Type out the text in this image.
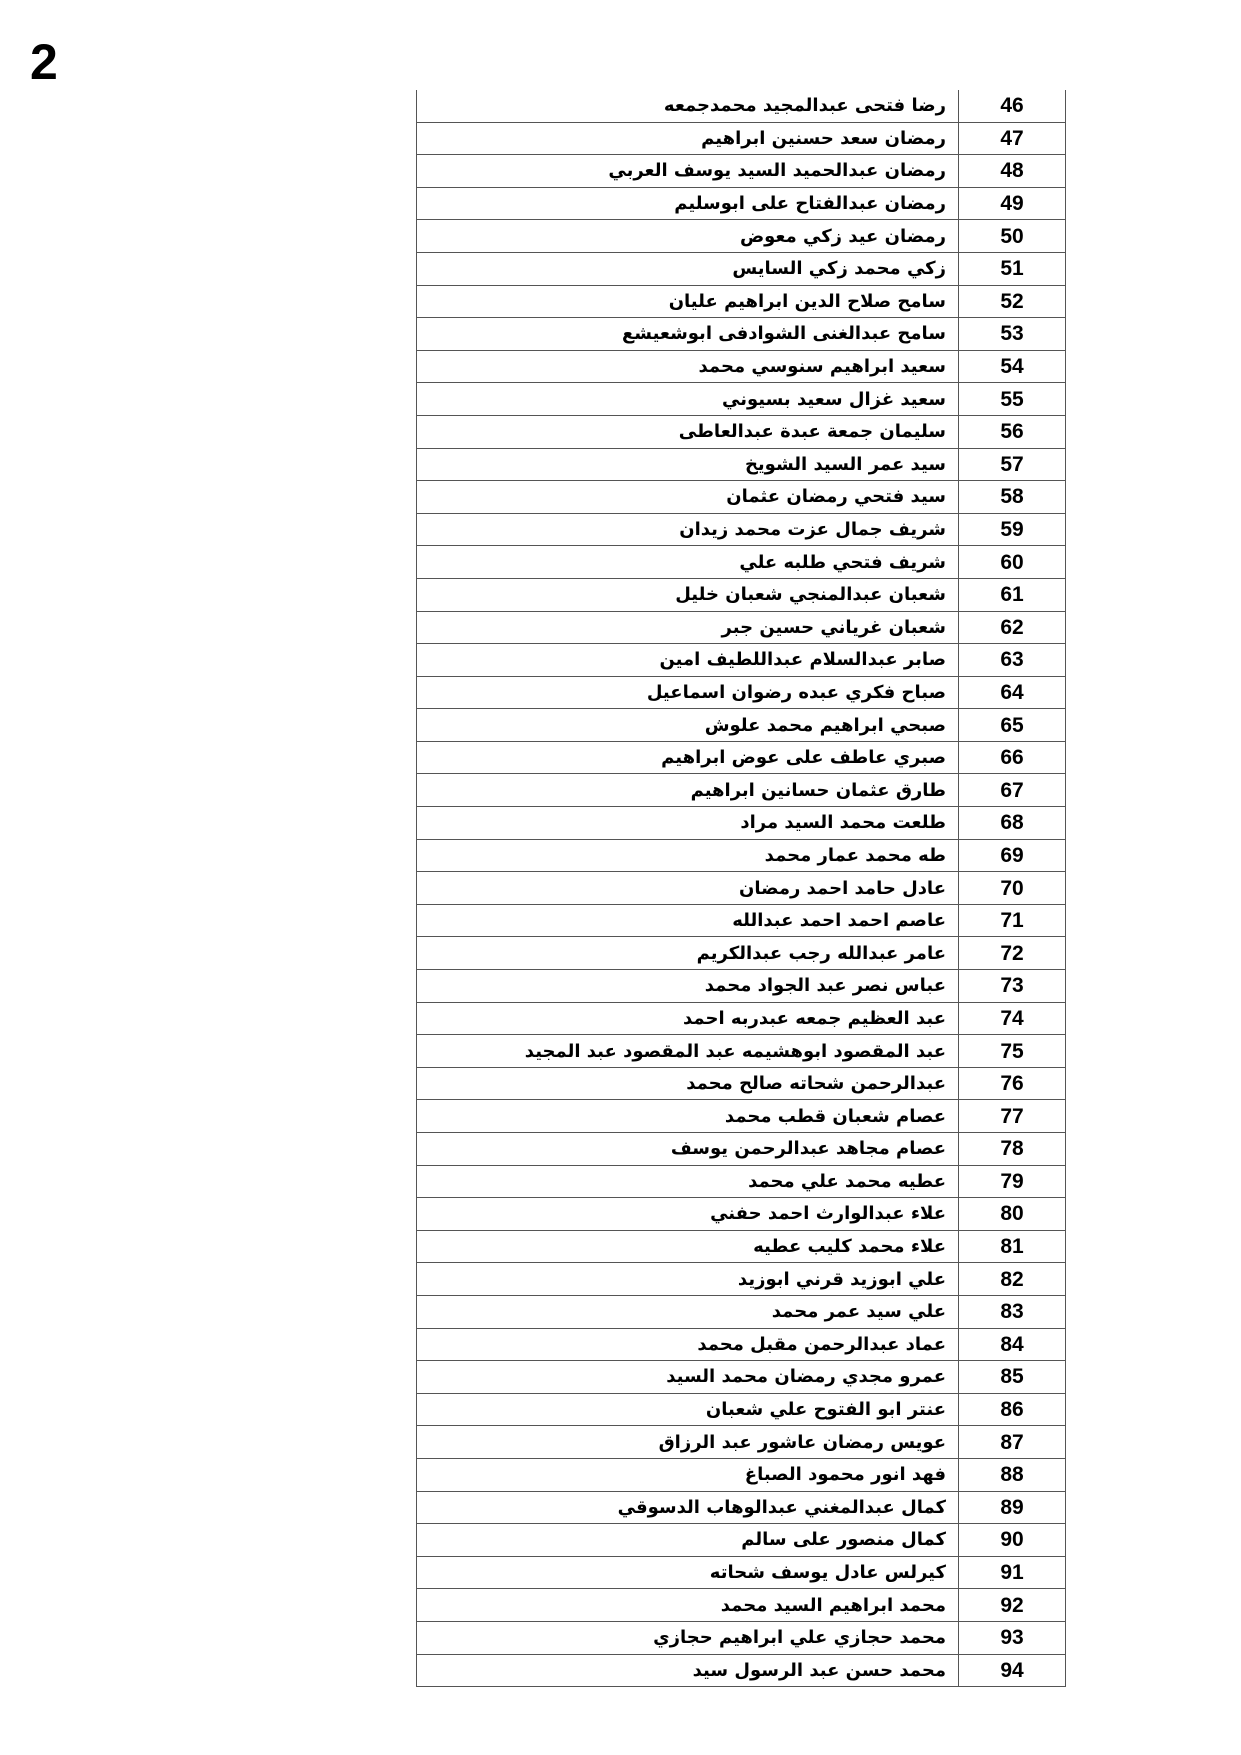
2
46	رضا فتحى عبدالمجيد محمدجمعه
47	رمضان سعد حسنين ابراهيم
48	رمضان عبدالحميد السيد يوسف العربي
49	رمضان عبدالفتاح على ابوسليم
50	رمضان عيد زكي معوض
51	زكي محمد زكي السايس
52	سامح صلاح الدين ابراهيم عليان
53	سامح عبدالغنى الشوادفى ابوشعيشع
54	سعيد ابراهيم سنوسي محمد
55	سعيد غزال سعيد بسيوني
56	سليمان جمعة عبدة عبدالعاطى
57	سيد عمر السيد الشويخ
58	سيد فتحي رمضان عثمان
59	شريف جمال عزت محمد زيدان
60	شريف فتحي طلبه علي
61	شعبان عبدالمنجي شعبان خليل
62	شعبان غرياني حسين جبر
63	صابر عبدالسلام عبداللطيف امين
64	صباح فكري عبده رضوان اسماعيل
65	صبحي ابراهيم محمد علوش
66	صبري عاطف على عوض ابراهيم
67	طارق عثمان حسانين ابراهيم
68	طلعت محمد السيد مراد
69	طه محمد عمار محمد
70	عادل حامد احمد رمضان
71	عاصم احمد احمد عبدالله
72	عامر عبدالله رجب عبدالكريم
73	عباس نصر عبد الجواد محمد
74	عبد العظيم جمعه عبدربه احمد
75	عبد المقصود ابوهشيمه عبد المقصود عبد المجيد
76	عبدالرحمن شحاته صالح محمد
77	عصام شعبان قطب محمد
78	عصام مجاهد عبدالرحمن يوسف
79	عطيه محمد علي محمد
80	علاء عبدالوارث احمد حفني
81	علاء محمد كليب عطيه
82	علي ابوزيد قرني ابوزيد
83	علي سيد عمر محمد
84	عماد عبدالرحمن مقبل محمد
85	عمرو مجدي رمضان محمد السيد
86	عنتر ابو الفتوح علي شعبان
87	عويس رمضان عاشور عبد الرزاق
88	فهد انور محمود الصباغ
89	كمال عبدالمغني عبدالوهاب الدسوقي
90	كمال منصور على سالم
91	كيرلس عادل يوسف شحاته
92	محمد ابراهيم السيد محمد
93	محمد حجازي علي ابراهيم حجازي
94	محمد حسن عبد الرسول سيد
